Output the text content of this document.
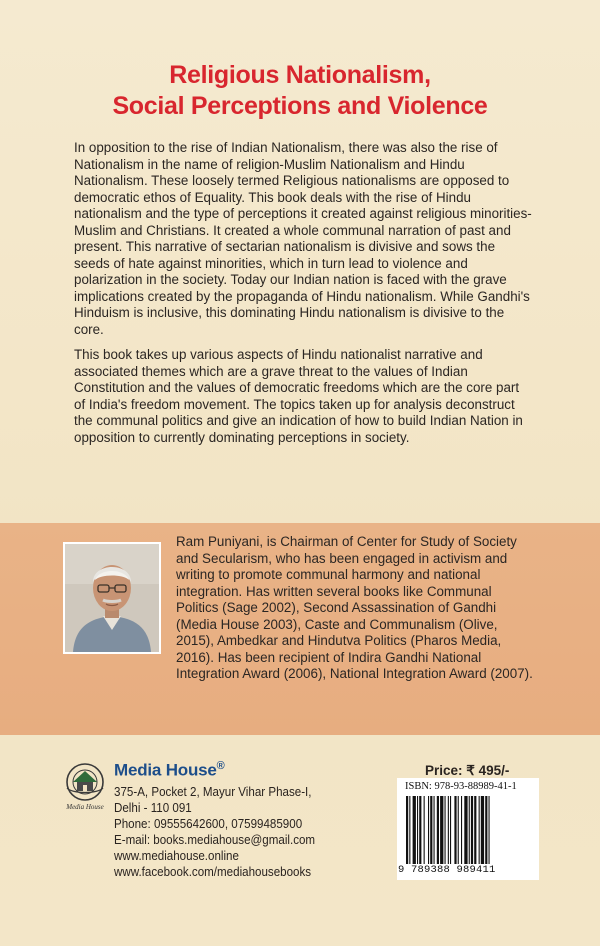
Religious Nationalism,
Social Perceptions and Violence

In opposition to the rise of Indian Nationalism, there was also the rise of Nationalism in the name of religion-Muslim Nationalism and Hindu Nationalism. These loosely termed Religious nationalisms are opposed to democratic ethos of Equality. This book deals with the rise of Hindu nationalism and the type of perceptions it created against religious minorities-Muslim and Christians. It created a whole communal narration of past and present. This narrative of sectarian nationalism is divisive and sows the seeds of hate against minorities, which in turn lead to violence and polarization in the society. Today our Indian nation is faced with the grave implications created by the propaganda of Hindu nationalism. While Gandhi's Hinduism is inclusive, this dominating Hindu nationalism is divisive to the core.

This book takes up various aspects of Hindu nationalist narrative and associated themes which are a grave threat to the values of Indian Constitution and the values of democratic freedoms which are the core part of India's freedom movement. The topics taken up for analysis deconstruct the communal politics and give an indication of how to build Indian Nation in opposition to currently dominating perceptions in society.

Ram Puniyani, is Chairman of Center for Study of Society and Secularism, who has been engaged in activism and writing to promote communal harmony and national integration. Has written several books like Communal Politics (Sage 2002), Second Assassination of Gandhi (Media House 2003), Caste and Communalism (Olive, 2015), Ambedkar and Hindutva Politics (Pharos Media, 2016). Has been recipient of Indira Gandhi National Integration Award (2006), National Integration Award (2007).
Media House
Media House®
375-A, Pocket 2, Mayur Vihar Phase-I,
Delhi - 110 091
Phone: 09555642600, 07599485900
E-mail: books.mediahouse@gmail.com
www.mediahouse.online
www.facebook.com/mediahousebooks
Price: ₹ 495/-
ISBN: 978-93-88989-41-1
9 789388 989411
